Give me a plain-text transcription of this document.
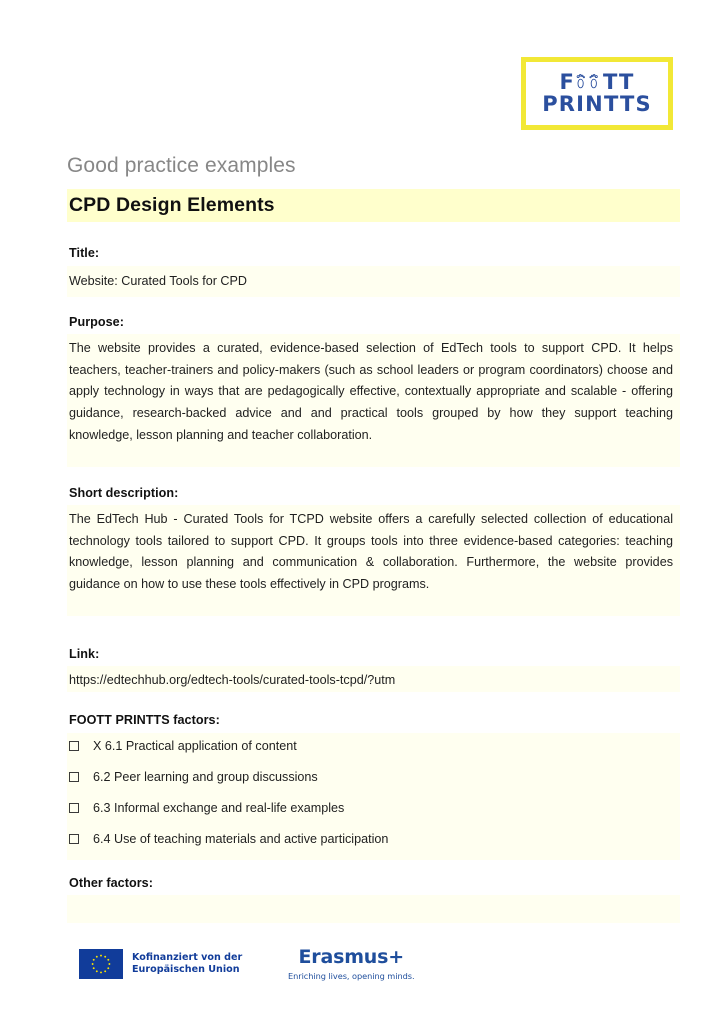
F TT
PRINTTS
Good practice examples
CPD Design Elements
Title:
Website: Curated Tools for CPD
Purpose:
The website provides a curated, evidence-based selection of EdTech tools to support CPD. It helps teachers, teacher-trainers and policy-makers (such as school leaders or program coordinators) choose and apply technology in ways that are pedagogically effective, contextually appropriate and scalable - offering guidance, research-backed advice and and practical tools grouped by how they support teaching knowledge, lesson planning and teacher collaboration.
Short description:
The EdTech Hub - Curated Tools for TCPD website offers a carefully selected collection of educational technology tools tailored to support CPD. It groups tools into three evidence-based categories: teaching knowledge, lesson planning and communication & collaboration. Furthermore, the website provides guidance on how to use these tools effectively in CPD programs.
Link:
https://edtechhub.org/edtech-tools/curated-tools-tcpd/?utm
FOOTT PRINTTS factors:
X 6.1 Practical application of content
6.2 Peer learning and group discussions
6.3 Informal exchange and real-life examples
6.4 Use of teaching materials and active participation
Other factors:
Kofinanziert von der
Europäischen Union
Erasmus+
Enriching lives, opening minds.
